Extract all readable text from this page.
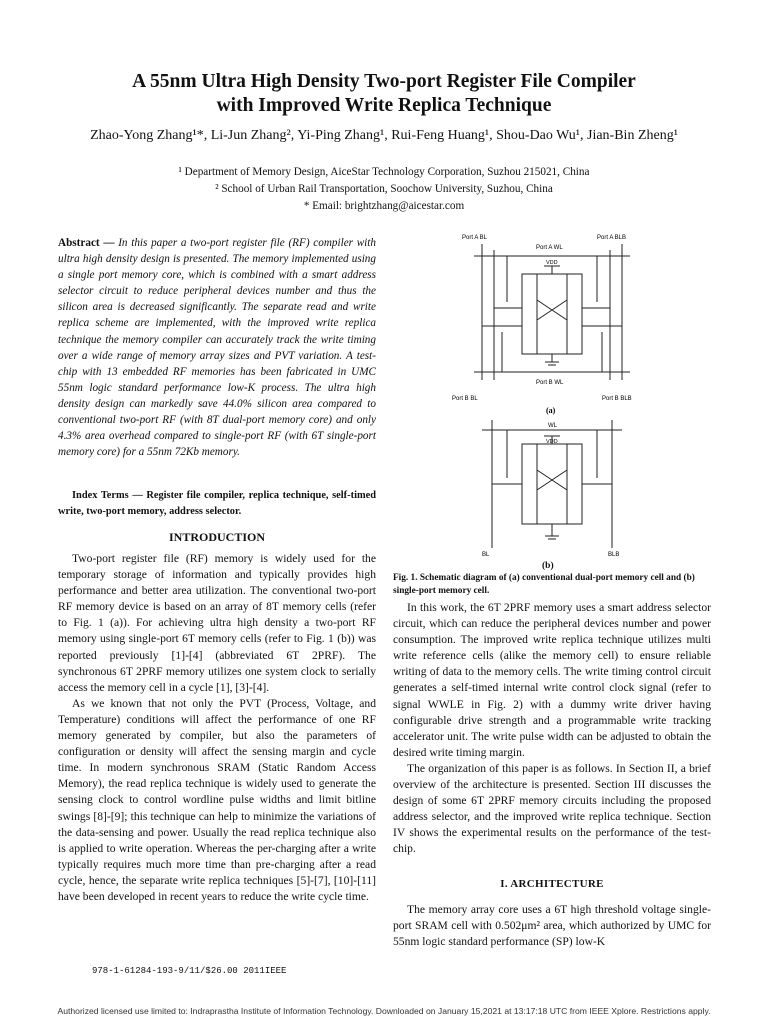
A 55nm Ultra High Density Two-port Register File Compiler
with Improved Write Replica Technique
Zhao-Yong Zhang¹*, Li-Jun Zhang², Yi-Ping Zhang¹, Rui-Feng Huang¹, Shou-Dao Wu¹, Jian-Bin Zheng¹
¹ Department of Memory Design, AiceStar Technology Corporation, Suzhou 215021, China
² School of Urban Rail Transportation, Soochow University, Suzhou, China
* Email: brightzhang@aicestar.com
Abstract — In this paper a two-port register file (RF) compiler with ultra high density design is presented. The memory implemented using a single port memory core, which is combined with a smart address selector circuit to reduce peripheral devices number and thus the silicon area is decreased significantly. The separate read and write replica scheme are implemented, with the improved write replica technique the memory compiler can accurately track the write timing over a wide range of memory array sizes and PVT variation. A test-chip with 13 embedded RF memories has been fabricated in UMC 55nm logic standard performance low-K process. The ultra high density design can markedly save 44.0% silicon area compared to conventional two-port RF (with 8T dual-port memory core) and only 4.3% area overhead compared to single-port RF (with 6T single-port memory core) for a 55nm 72Kb memory.
Index Terms — Register file compiler, replica technique, self-timed write, two-port memory, address selector.
INTRODUCTION

Two-port register file (RF) memory is widely used for the temporary storage of information and typically provides high performance and better area utilization. The conventional two-port RF memory device is based on an array of 8T memory cells (refer to Fig. 1 (a)). For achieving ultra high density a two-port RF memory using single-port 6T memory cells (refer to Fig. 1 (b)) was reported previously [1]-[4] (abbreviated 6T 2PRF). The synchronous 6T 2PRF memory utilizes one system clock to serially access the memory cell in a cycle [1], [3]-[4].

As we known that not only the PVT (Process, Voltage, and Temperature) conditions will affect the performance of one RF memory generated by compiler, but also the parameters of configuration or density will affect the sensing margin and cycle time. In modern synchronous SRAM (Static Random Access Memory), the read replica technique is widely used to generate the sensing clock to control wordline pulse widths and limit bitline swings [8]-[9]; this technique can help to minimize the variations of the data-sensing and power. Usually the read replica technique also is applied to write operation. Whereas the per-charging after a write typically requires much more time than pre-charging after a read cycle, hence, the separate write replica techniques [5]-[7], [10]-[11] have been developed in recent years to reduce the write cycle time.

Port A BL	Port A BLB
Port A WL
VDD
Port B WL
Port B BL	Port B BLB
(a)
WL
VDD
BL	BLB
(b)
Fig. 1. Schematic diagram of (a) conventional dual-port memory cell and (b) single-port memory cell.

In this work, the 6T 2PRF memory uses a smart address selector circuit, which can reduce the peripheral devices number and power consumption. The improved write replica technique utilizes multi write reference cells (alike the memory cell) to ensure reliable writing of data to the memory cells. The write timing control circuit generates a self-timed internal write control clock signal (refer to signal WWLE in Fig. 2) with a dummy write driver having configurable drive strength and a programmable write tracking accelerator unit. The write pulse width can be adjusted to obtain the desired write timing margin.

The organization of this paper is as follows. In Section II, a brief overview of the architecture is presented. Section III discusses the design of some 6T 2PRF memory circuits including the proposed address selector, and the improved write replica technique. Section IV shows the experimental results on the performance of the test-chip.

I. ARCHITECTURE

The memory array core uses a 6T high threshold voltage single-port SRAM cell with 0.502μm² area, which authorized by UMC for 55nm logic standard performance (SP) low-K

978-1-61284-193-9/11/$26.00 2011IEEE
Authorized licensed use limited to: Indraprastha Institute of Information Technology. Downloaded on January 15,2021 at 13:17:18 UTC from IEEE Xplore. Restrictions apply.
